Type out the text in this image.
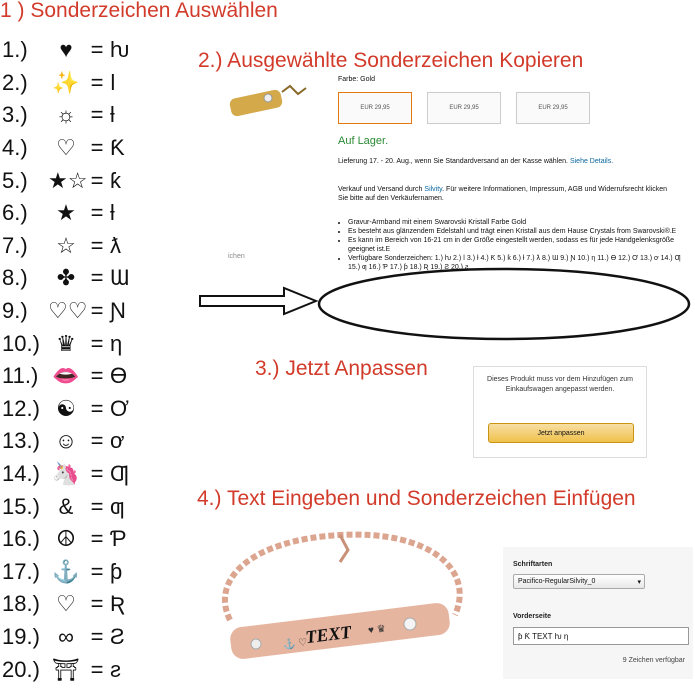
1 ) Sonderzeichen Auswählen
2.) Ausgewählte Sonderzeichen Kopieren
3.) Jetzt Anpassen
4.) Text Eingeben und Sonderzeichen Einfügen
1.)	♥ = ƕ
2.)	✨ = ǀ
3.)	☼ = ƚ
4.)	♡ = Ƙ
5.) ★☆ = ƙ
6.)	★ = ƚ
7.)	☆ = ƛ
8.)	✤ = Ɯ
9.) ♡♡ = Ɲ
10.) ♛ = η
11.) 👄 = Ɵ
12.) ☯ = Ơ
13.) ☺ = ơ
14.) 🦄 = Ƣ
15.) & = ƣ
16.) ☮ = Ƥ
17.) ⚓ = ƥ
18.) ♡ = Ʀ
19.) ∞ = Ƨ
20.) ⛩ = ƨ
Farbe: Gold
EUR 29,95	EUR 29,95	EUR 29,95
Auf Lager.
Lieferung 17. - 20. Aug., wenn Sie Standardversand an der Kasse wählen. Siehe Details.
Verkauf und Versand durch Silvity. Für weitere Informationen, Impressum, AGB und Widerrufsrecht klicken Sie bitte auf den Verkäufernamen.
• Gravur-Armband mit einem Swarovski Kristall Farbe Gold
• Es besteht aus glänzendem Edelstahl und trägt einen Kristall aus dem Hause Crystals from Swarovski®.Ꭼ
• Es kann im Bereich von 16-21 cm in der Größe eingestellt werden, sodass es für jede Handgelenksgröße geeignet ist.Ꭼ
• Verfügbare Sonderzeichen: 1.) ƕ 2.) ǀ 3.) ƚ 4.) Ƙ 5.) ƙ 6.) ƚ 7.) ƛ 8.) Ɯ 9.) Ɲ 10.) η 11.) Ɵ 12.) Ơ 13.) ơ 14.) Ƣ 15.) ƣ 16.) Ƥ 17.) ƥ 18.) Ʀ 19.) Ƨ 20.) ƨ
ichen
Dieses Produkt muss vor dem Hinzufügen zum Einkaufswagen angepasst werden.
Jetzt anpassen
TEXT
⚓ ♡
♥ ♛
Schriftarten
Pacifico-RegularSilvity_0	▾
Vorderseite
ƥ Ƙ TEXT ƕ η
9 Zeichen verfügbar
